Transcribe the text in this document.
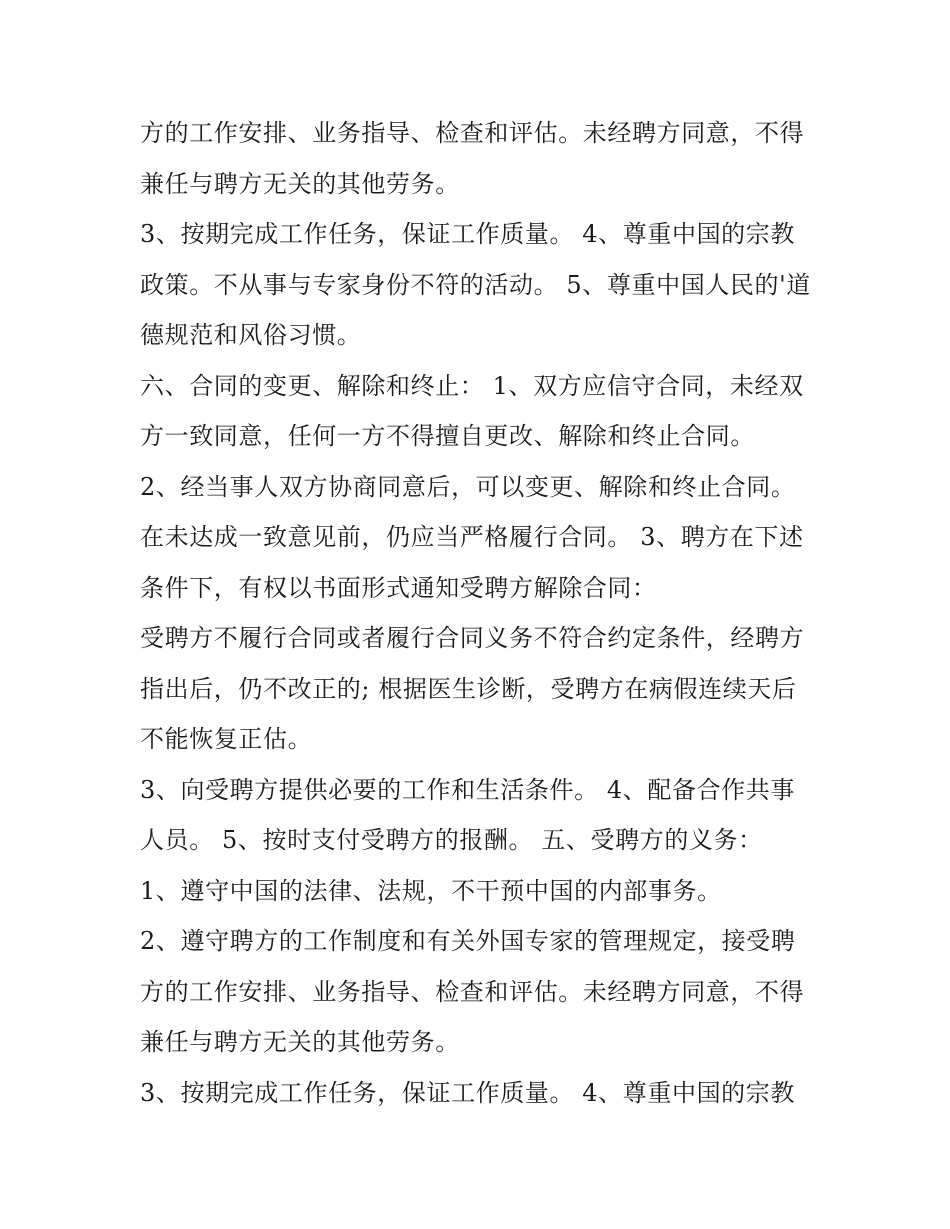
方的工作安排、业务指导、检查和评估。未经聘方同意，不得
兼任与聘方无关的其他劳务。
3、按期完成工作任务，保证工作质量。 4、尊重中国的宗教
政策。不从事与专家身份不符的活动。 5、尊重中国人民的'道
德规范和风俗习惯。
六、合同的变更、解除和终止： 1、双方应信守合同，未经双
方一致同意，任何一方不得擅自更改、解除和终止合同。
2、经当事人双方协商同意后，可以变更、解除和终止合同。
在未达成一致意见前，仍应当严格履行合同。 3、聘方在下述
条件下，有权以书面形式通知受聘方解除合同：
受聘方不履行合同或者履行合同义务不符合约定条件，经聘方
指出后，仍不改正的; 根据医生诊断，受聘方在病假连续天后
不能恢复正估。
3、向受聘方提供必要的工作和生活条件。 4、配备合作共事
人员。 5、按时支付受聘方的报酬。 五、受聘方的义务：
1、遵守中国的法律、法规，不干预中国的内部事务。
2、遵守聘方的工作制度和有关外国专家的管理规定，接受聘
方的工作安排、业务指导、检查和评估。未经聘方同意，不得
兼任与聘方无关的其他劳务。
3、按期完成工作任务，保证工作质量。 4、尊重中国的宗教
